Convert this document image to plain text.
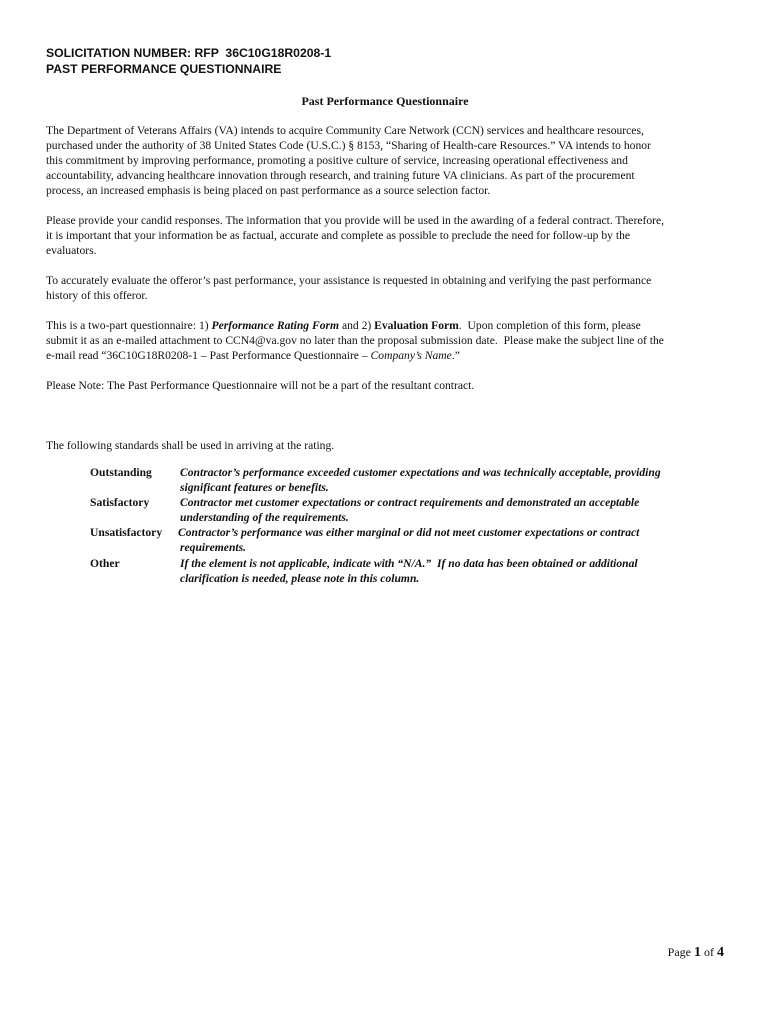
SOLICITATION NUMBER: RFP  36C10G18R0208-1
PAST PERFORMANCE QUESTIONNAIRE
Past Performance Questionnaire

The Department of Veterans Affairs (VA) intends to acquire Community Care Network (CCN) services and healthcare resources,
purchased under the authority of 38 United States Code (U.S.C.) § 8153, “Sharing of Health-care Resources.” VA intends to honor
this commitment by improving performance, promoting a positive culture of service, increasing operational effectiveness and
accountability, advancing healthcare innovation through research, and training future VA clinicians. As part of the procurement
process, an increased emphasis is being placed on past performance as a source selection factor.

Please provide your candid responses. The information that you provide will be used in the awarding of a federal contract. Therefore,
it is important that your information be as factual, accurate and complete as possible to preclude the need for follow-up by the
evaluators.

To accurately evaluate the offeror’s past performance, your assistance is requested in obtaining and verifying the past performance
history of this offeror.

This is a two-part questionnaire: 1) Performance Rating Form and 2) Evaluation Form.  Upon completion of this form, please
submit it as an e-mailed attachment to CCN4@va.gov no later than the proposal submission date.  Please make the subject line of the
e-mail read “36C10G18R0208-1 – Past Performance Questionnaire – Company’s Name.”

Please Note: The Past Performance Questionnaire will not be a part of the resultant contract.

The following standards shall be used in arriving at the rating.

Outstanding Contractor’s performance exceeded customer expectations and was technically acceptable, providing
significant features or benefits.
Satisfactory	Contractor met customer expectations or contract requirements and demonstrated an acceptable
understanding of the requirements.
Unsatisfactory Contractor’s performance was either marginal or did not meet customer expectations or contract
requirements.
Other	If the element is not applicable, indicate with “N/A.”  If no data has been obtained or additional
clarification is needed, please note in this column.
Page 1 of 4
